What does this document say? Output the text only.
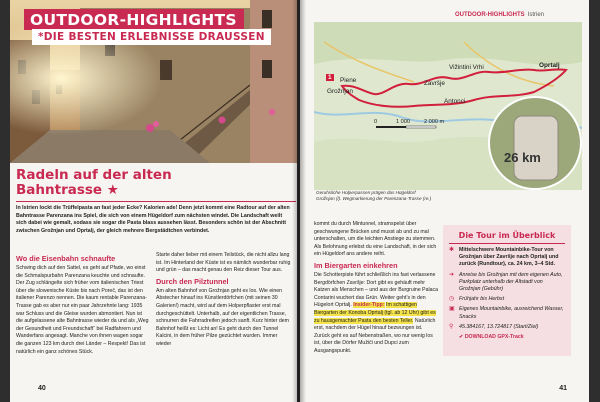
OUTDOOR-HIGHLIGHTS
*DIE BESTEN ERLEBNISSE DRAUSSEN
Radeln auf der alten Bahntrasse ★
In Istrien lockt die Trüffelpasta an fast jeder Ecke? Kalorien ade! Denn jetzt kommt eine Radtour auf der alten Bahntrasse Parenzana ins Spiel, die sich von einem Hügeldorf zum nächsten windet. Die Landschaft weilt sich dabei wie gemalt, sodass sie sogar die Pasta blass aussehen lässt. Besonders schön ist der Abschnitt zwischen Grožnjan und Oprtalj, der gleich mehrere Bergstädtchen verbindet.
Wo die Eisenbahn schnaufte

Schwing dich auf den Sattel, es geht auf Pfade, wo einst die Schmalspurbahn Parenzana keuchte und schnaufte. Der Zug schlängelte sich früher vom italienischen Triest über die slowenische Küste bis nach Poreč, das ist den italiener Parenzo nennen. Die kaum rentable Parenzana-Trasse gab es aber nur ein paar Jahrzehnte lang: 1935 war Schluss und die Gleise wurden abmontiert. Nun ist die aufgelassene alte Bahntrasse wieder da und als „Weg der Gesundheit und Freundschaft“ bei Radfahrern und Wanderfans angesagt. Manche von ihnen wagen sogar die ganzen 123 km durch drei Länder – Respekt! Das ist natürlich ein ganz schönes Stück.

Starte daher lieber mit einem Teilstück, die nicht allzu lang ist. Im Hinterland der Küste ist es nämlich wunderbar ruhig und grün – das macht genau den Reiz dieser Tour aus.

Durch den Pilztunnel

Am alten Bahnhof von Grožnjan geht es los. Wie einen Abstecher hinauf ins Künstlerdörfchen (mit seinen 30 Galerien!) macht, wird auf dem Holperpflaster erst mal durchgeschüttelt. Unterhalb, auf der eigentlichen Trasse, schnurren die Fahrradreifen jedoch sanft. Kurz hinter dem Bahnhof heißt es: Licht an! Es geht durch den Tunnel Kalcini, in dem früher Pilze gezüchtet wurden. Immer wieder

40
OUTDOOR-HIGHLIGHTS Istrien
26 km
1
Grožnjan
Piene	Završje
Vižintini Vrhi	Oprtalj
Antonci
0	1 000	2 000 m
Geruhsliche Holperpassen prägen das Hügeldorf Grožnjan (l). Wegmarkierung der Parenzana-Trasse (re.)

kommt du durch Mintunnel, stramspelst über geschwungene Brücken und musst ab und zu mal unterschalten, um die leichten Anstiege zu stemmen. Als Belohnung erlebst du eine Landschaft, in der sich ein Hügeldorf ans andere reiht.

Im Biergarten einkehren

Die Schotterpiste führt schließlich ins fast verlassene Bergdörfchen Završje: Dort gibt es gehäuft mehr Katzen als Menschen – und aus der Burgruine Palaca Contarini wuchert das Grün. Weiter geht's in den Hügelort Oprtalj. Insider-Tipp: Im schattigen Biergarten der Konoba Oprtalj (tgl. ab 12 Uhr) gibt es zu hausgemachter Pasta den besten Teller. Natürlich erst, nachdem der Hügel hinauf bezwungen ist. Zurück geht es auf Nebenstraßen, wo nur wenig los ist, über die Dörfer Mužiči und Dupci zum Ausgangspunkt.

Die Tour im Überblick
✱ Mittelschwere Mountainbike-Tour von Grožnjan über Završje nach Oprtalj und zurück (Rundtour), ca. 24 km, 3–4 Std.
➜ Anreise bis Grožnjan mit dem eigenen Auto, Parkplatz unterhalb der Altstadt von Grožnjan (Gebühr)
◷ Frühjahr bis Herbst
▣ Eigenes Mountainbike, ausreichend Wasser, Snacks
⚲	45.384167, 13.724817 (Start/Ziel)
✔ DOWNLOAD GPX-Track
41
